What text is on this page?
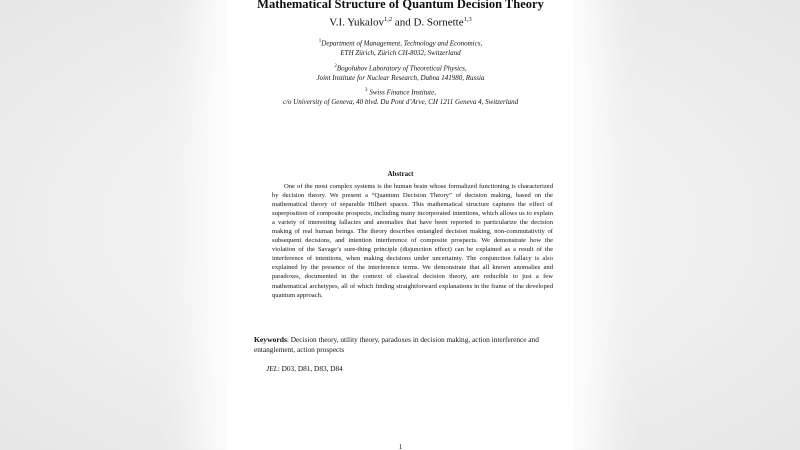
Mathematical Structure of Quantum Decision Theory
V.I. Yukalov$^{1,2}$ and D. Sornette$^{1,3}$
$^1$Department of Management, Technology and Economics,
ETH Zürich, Zürich CH-8032, Switzerland
$^2$Bogolubov Laboratory of Theoretical Physics,
Joint Institute for Nuclear Research, Dubna 141980, Russia
$^3$ Swiss Finance Institute,
c/o University of Geneva, 40 blvd. Du Pont d’Arve, CH 1211 Geneva 4, Switzerland
Abstract
One of the most complex systems is the human brain whose formalized functioning is characterized by decision theory. We present a “Quantum Decision Theory” of decision making, based on the mathematical theory of separable Hilbert spaces. This mathematical structure captures the effect of superposition of composite prospects, including many incorporated intentions, which allows us to explain a variety of interesting fallacies and anomalies that have been reported to particularize the decision making of real human beings. The theory describes entangled decision making, non-commutativity of subsequent decisions, and intention interference of composite prospects. We demonstrate how the violation of the Savage’s sure-thing principle (disjunction effect) can be explained as a result of the interference of intentions, when making decisions under uncertainty. The conjunction fallacy is also explained by the presence of the interference terms. We demonstrate that all known anomalies and paradoxes, documented in the context of classical decision theory, are reducible to just a few mathematical archetypes, all of which finding straightforward explanations in the frame of the developed quantum approach.
Keywords: Decision theory, utility theory, paradoxes in decision making, action interference and entanglement, action prospects
JEL: D03, D81, D83, D84
1
